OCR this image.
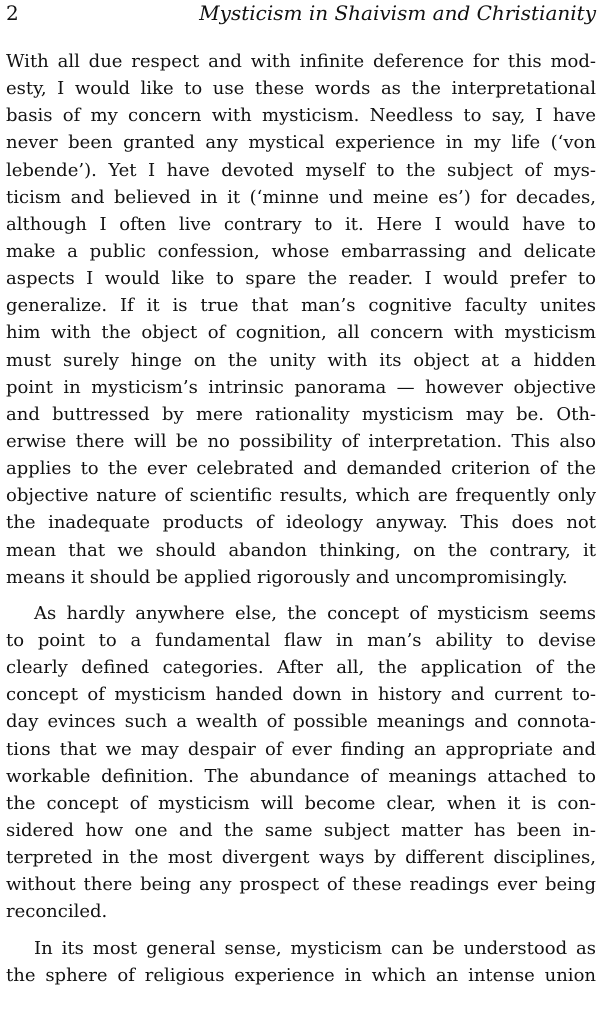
2	Mysticism in Shaivism and Christianity

With all due respect and with infinite deference for this mod-
esty, I would like to use these words as the interpretational
basis of my concern with mysticism. Needless to say, I have
never been granted any mystical experience in my life (‘von
lebende’). Yet I have devoted myself to the subject of mys-
ticism and believed in it (‘minne und meine es’) for decades,
although I often live contrary to it. Here I would have to
make a public confession, whose embarrassing and delicate
aspects I would like to spare the reader. I would prefer to
generalize. If it is true that man’s cognitive faculty unites
him with the object of cognition, all concern with mysticism
must surely hinge on the unity with its object at a hidden
point in mysticism’s intrinsic panorama — however objective
and buttressed by mere rationality mysticism may be. Oth-
erwise there will be no possibility of interpretation. This also
applies to the ever celebrated and demanded criterion of the
objective nature of scientific results, which are frequently only
the inadequate products of ideology anyway. This does not
mean that we should abandon thinking, on the contrary, it
means it should be applied rigorously and uncompromisingly.

As hardly anywhere else, the concept of mysticism seems
to point to a fundamental flaw in man’s ability to devise
clearly defined categories. After all, the application of the
concept of mysticism handed down in history and current to-
day evinces such a wealth of possible meanings and connota-
tions that we may despair of ever finding an appropriate and
workable definition. The abundance of meanings attached to
the concept of mysticism will become clear, when it is con-
sidered how one and the same subject matter has been in-
terpreted in the most divergent ways by different disciplines,
without there being any prospect of these readings ever being
reconciled.

In its most general sense, mysticism can be understood as
the sphere of religious experience in which an intense union
